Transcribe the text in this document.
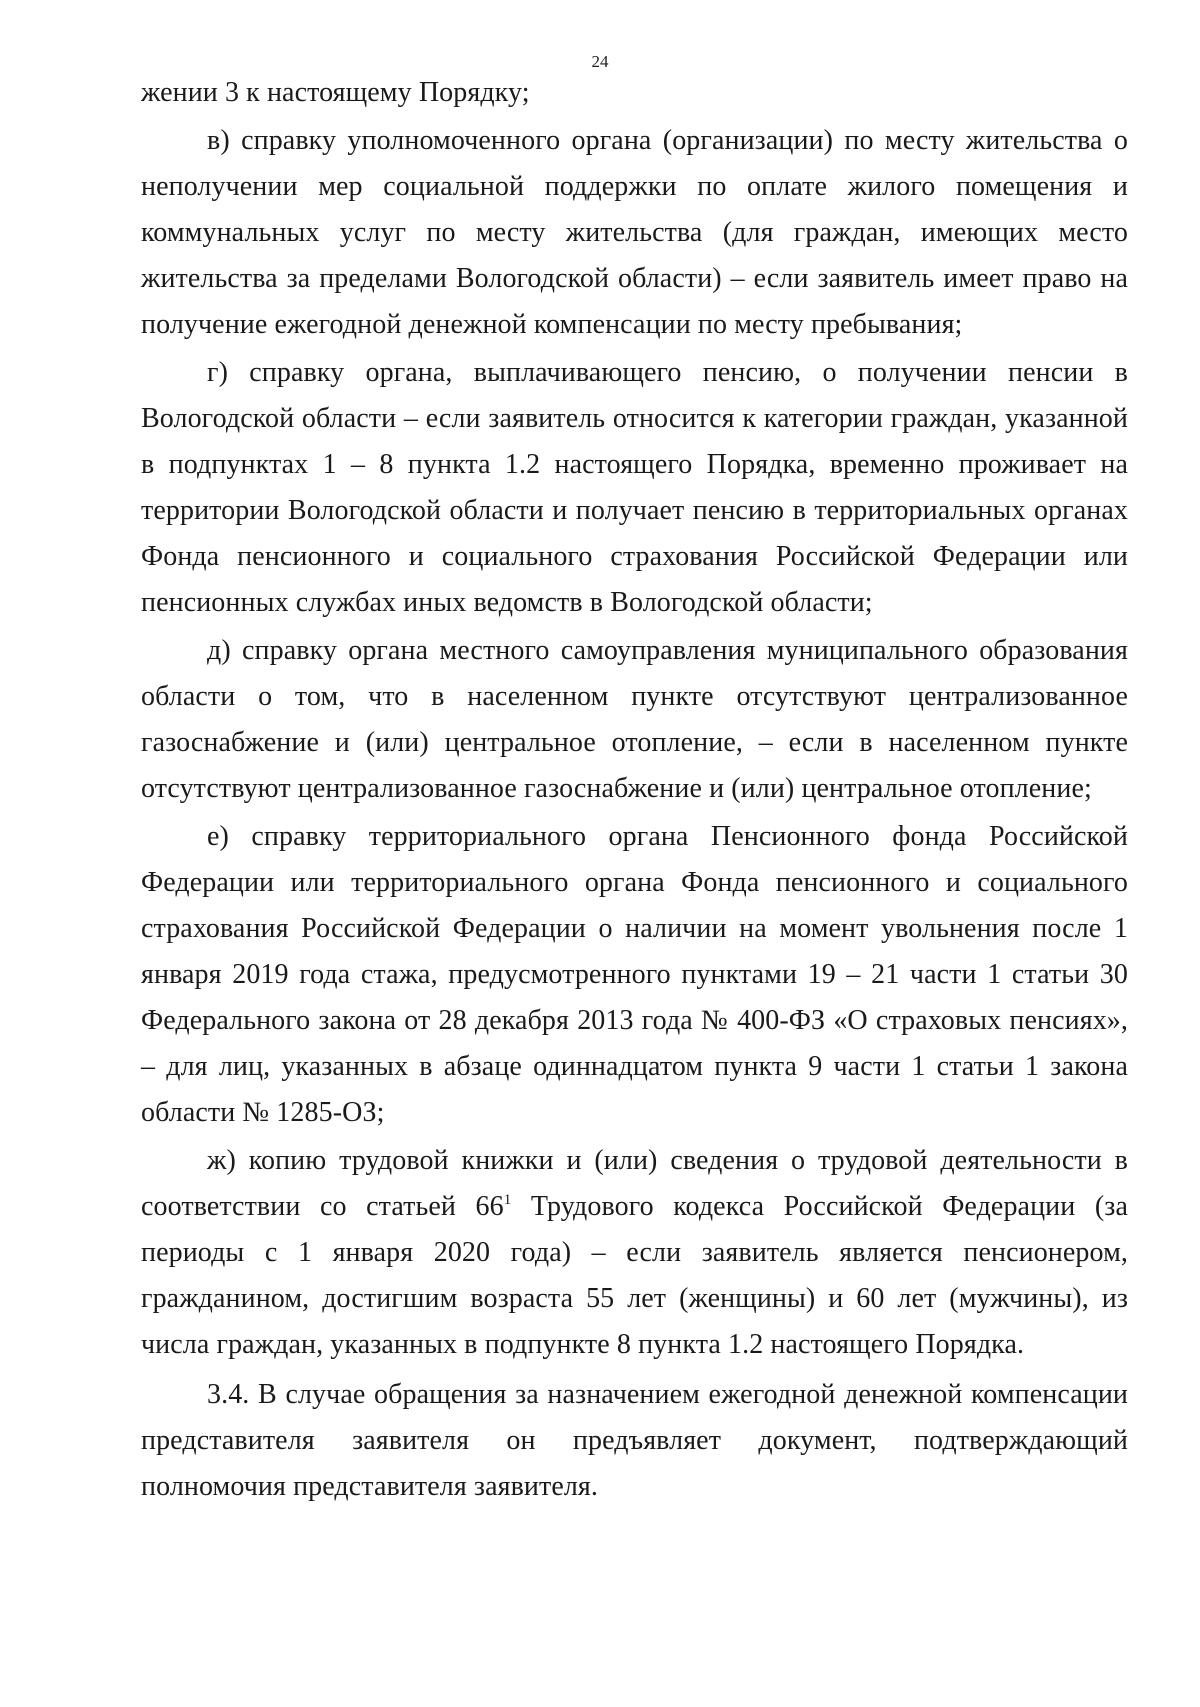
24

жении 3 к настоящему Порядку;

в) справку уполномоченного органа (организации) по месту жительства о неполучении мер социальной поддержки по оплате жилого помещения и коммунальных услуг по месту жительства (для граждан, имеющих место жительства за пределами Вологодской области) – если заявитель имеет право на получение ежегодной денежной компенсации по месту пребывания;

г) справку органа, выплачивающего пенсию, о получении пенсии в Вологодской области – если заявитель относится к категории граждан, указанной в подпунктах 1 – 8 пункта 1.2 настоящего Порядка, временно проживает на территории Вологодской области и получает пенсию в территориальных органах Фонда пенсионного и социального страхования Российской Федерации или пенсионных службах иных ведомств в Вологодской области;

д) справку органа местного самоуправления муниципального образования области о том, что в населенном пункте отсутствуют централизованное газоснабжение и (или) центральное отопление, – если в населенном пункте отсутствуют централизованное газоснабжение и (или) центральное отопление;

е) справку территориального органа Пенсионного фонда Российской Федерации или территориального органа Фонда пенсионного и социального страхования Российской Федерации о наличии на момент увольнения после 1 января 2019 года стажа, предусмотренного пунктами 19 – 21 части 1 статьи 30 Федерального закона от 28 декабря 2013 года № 400-ФЗ «О страховых пенсиях», – для лиц, указанных в абзаце одиннадцатом пункта 9 части 1 статьи 1 закона области № 1285-ОЗ;

ж) копию трудовой книжки и (или) сведения о трудовой деятельности в соответствии со статьей $66^1$ Трудового кодекса Российской Федерации (за периоды с 1 января 2020 года) – если заявитель является пенсионером, гражданином, достигшим возраста 55 лет (женщины) и 60 лет (мужчины), из числа граждан, указанных в подпункте 8 пункта 1.2 настоящего Порядка.

3.4. В случае обращения за назначением ежегодной денежной компенсации представителя заявителя он предъявляет документ, подтверждающий полномочия представителя заявителя.
